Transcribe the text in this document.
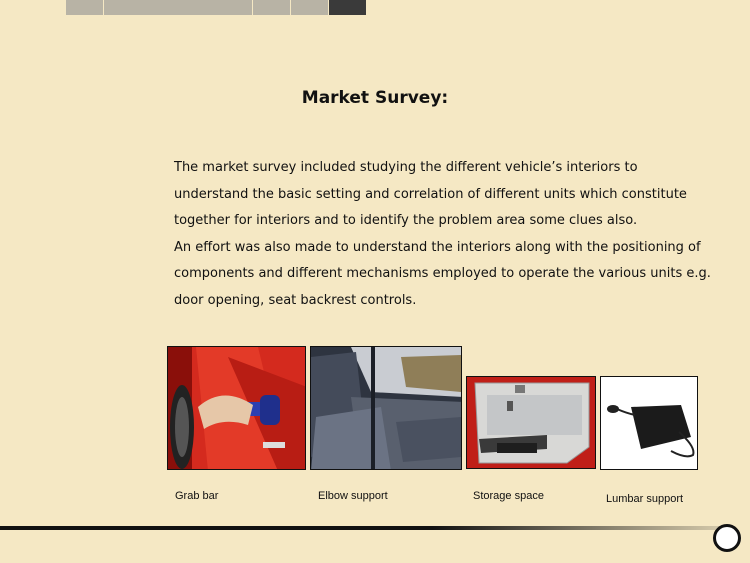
Market Survey:

The market survey included studying the different vehicle’s interiors to understand the basic setting and correlation of different units which constitute together for interiors and to identify the problem area some clues also.

An effort was also made to understand the interiors along with the positioning of components and different mechanisms employed to operate the various units e.g. door opening, seat backrest controls.

Grab bar	Elbow support	Storage space	Lumbar support
